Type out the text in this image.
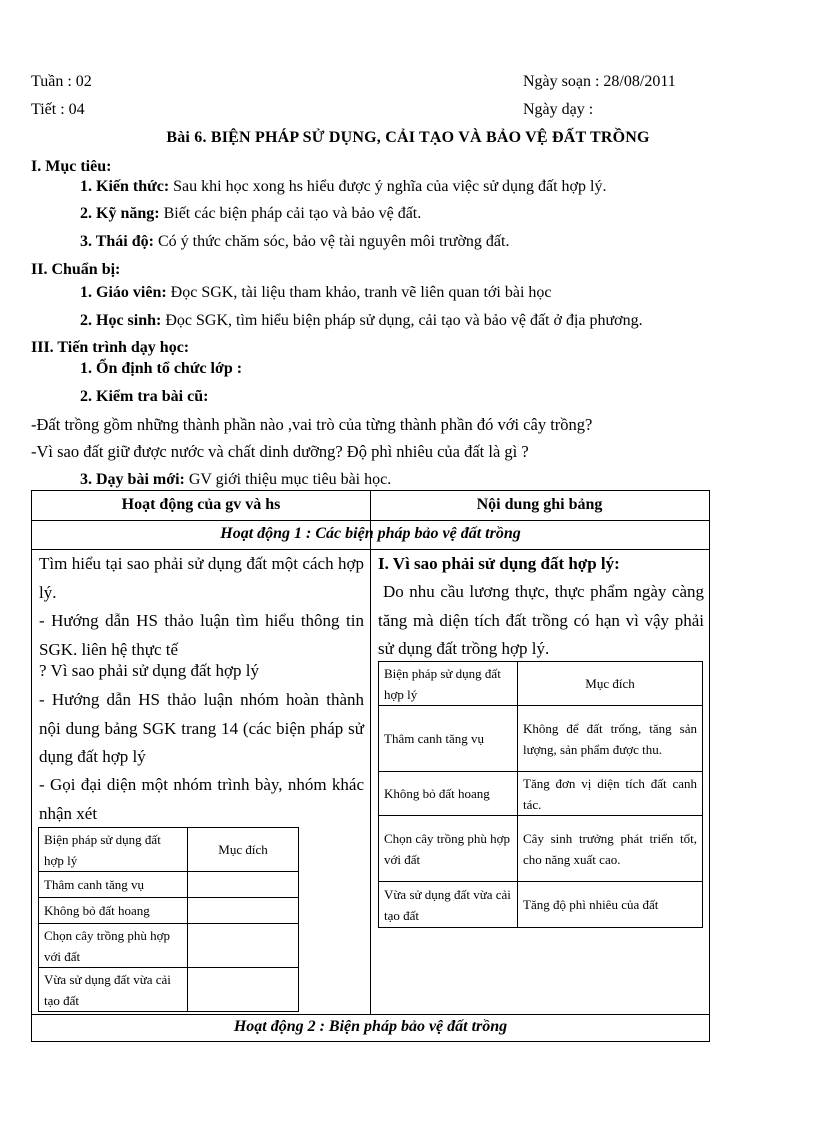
Tuần : 02
Tiết : 04
Ngày soạn : 28/08/2011
Ngày dạy :
Bài 6. BIỆN PHÁP SỬ DỤNG, CẢI TẠO VÀ BẢO VỆ ĐẤT TRỒNG
I. Mục tiêu:
1. Kiến thức: Sau khi học xong hs hiểu được ý nghĩa của việc sử dụng đất hợp lý.
2. Kỹ năng: Biết các biện pháp cải tạo và bảo vệ đất.
3. Thái độ: Có ý thức chăm sóc, bảo vệ tài nguyên môi trường đất.
II. Chuẩn bị:
1. Giáo viên: Đọc SGK, tài liệu tham khảo, tranh vẽ liên quan tới bài học
2. Học sinh: Đọc SGK, tìm hiểu biện pháp sử dụng, cải tạo và bảo vệ đất ở địa phương.
III. Tiến trình dạy học:
1. Ổn định tổ chức lớp :
2. Kiểm tra bài cũ:
-Đất trồng gồm những thành phần nào ,vai trò của từng thành phần đó với cây trồng?
-Vì sao đất giữ được nước và chất dinh dưỡng? Độ phì nhiêu của đất là gì ?
3. Dạy bài mới: GV giới thiệu mục tiêu bài học.
Hoạt động của gv và hs	Nội dung ghi bảng
Hoạt động 1 : Các biện pháp bảo vệ đất trồng
Tìm hiểu tại sao phải sử dụng đất một cách hợp lý.
- Hướng dẫn HS thảo luận tìm hiểu thông tin SGK. liên hệ thực tế
? Vì sao phải sử dụng đất hợp lý
- Hướng dẫn HS thảo luận nhóm hoàn thành nội dung bảng SGK trang 14 (các biện pháp sử dụng đất hợp lý
- Gọi đại diện một nhóm trình bày, nhóm khác nhận xét
I. Vì sao phải sử dụng đất hợp lý:
Do nhu cầu lương thực, thực phẩm ngày càng tăng mà diện tích đất trồng có hạn vì vậy phải sử dụng đất trồng hợp lý.
Biện pháp sử dụng đất hợp lý	Mục đích
Thâm canh tăng vụ	
Không bỏ đất hoang	
Chọn cây trồng phù hợp với đất	
Vừa sử dụng đất vừa cải tạo đất	
Biện pháp sử dụng đất hợp lý	Mục đích
Thâm canh tăng vụ	Không để đất trống, tăng sản lượng, sản phẩm được thu.
Không bỏ đất hoang	Tăng đơn vị diện tích đất canh tác.
Chọn cây trồng phù hợp với đất	Cây sinh trưởng phát triển tốt, cho năng xuất cao.
Vừa sử dụng đất vừa cải tạo đất	Tăng độ phì nhiêu của đất
Hoạt động 2 : Biện pháp bảo vệ đất trồng
